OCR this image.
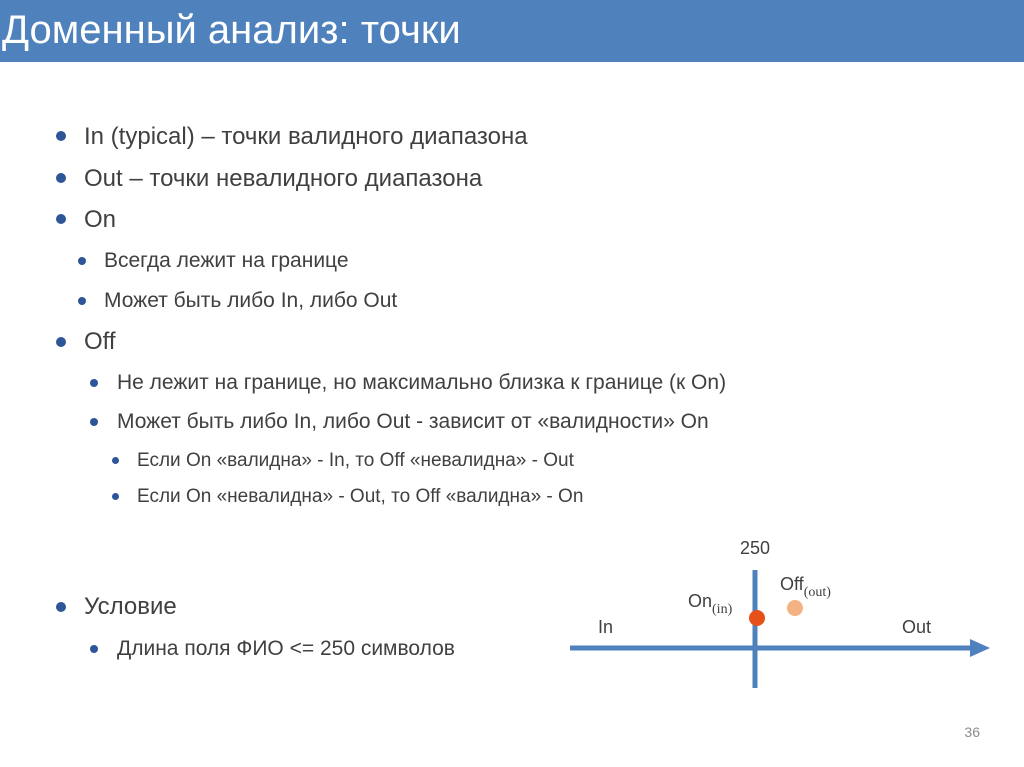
Доменный анализ: точки
In (typical) – точки валидного диапазона
Out – точки невалидного диапазона
On
Всегда лежит на границе
Может быть либо In, либо Out
Off
Не лежит на границе, но максимально близка к границе (к On)
Может быть либо In, либо Out - зависит от «валидности» On
Если On «валидна» - In, то Off «невалидна» - Out
Если On «невалидна» - Out, то Off «валидна» - On
Условие
Длина поля ФИО <= 250 символов
250
In	Out
$On_{(in)}$
Off$_{(out)}$
36
